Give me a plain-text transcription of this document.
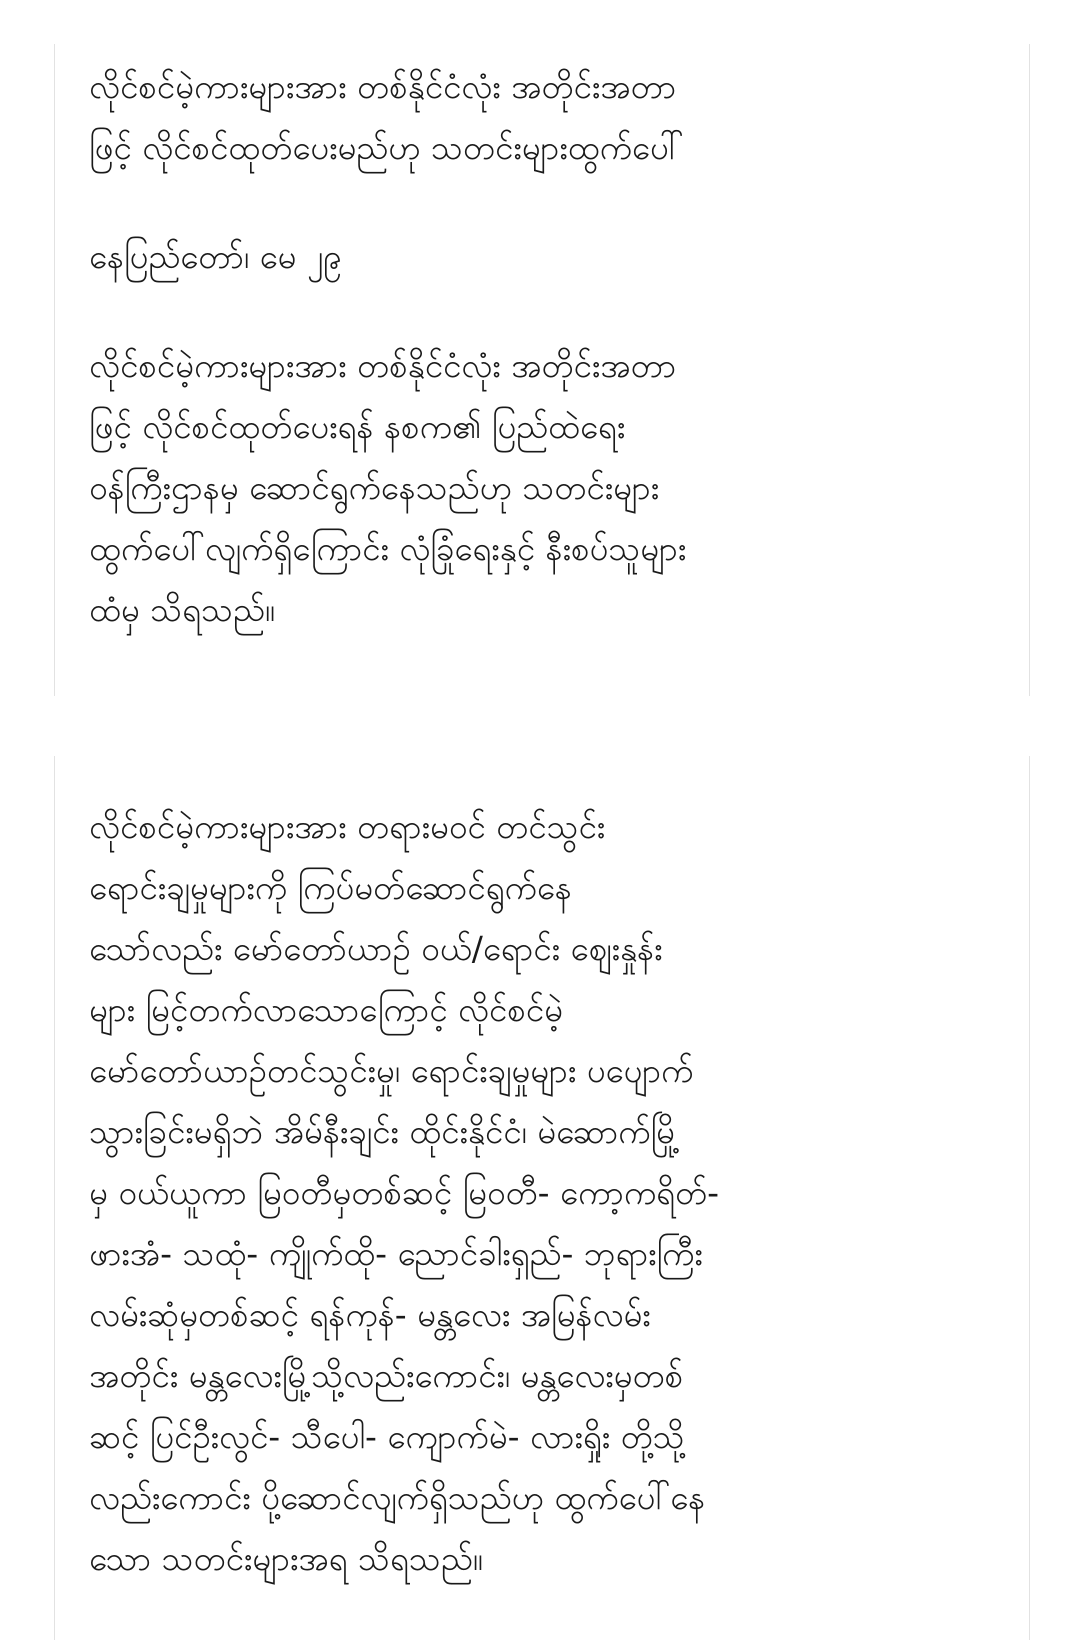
လိုင်စင်မဲ့ကားများအား တစ်နိုင်ငံလုံး အတိုင်းအတာ
ဖြင့် လိုင်စင်ထုတ်ပေးမည်ဟု သတင်းများထွက်ပေါ်

နေပြည်တော်၊ မေ ၂၉

လိုင်စင်မဲ့ကားများအား တစ်နိုင်ငံလုံး အတိုင်းအတာ
ဖြင့် လိုင်စင်ထုတ်ပေးရန် နစက၏ ပြည်ထဲရေး
ဝန်ကြီးဌာနမှ ဆောင်ရွက်နေသည်ဟု သတင်းများ
ထွက်ပေါ်လျက်ရှိကြောင်း လုံခြုံရေးနှင့် နီးစပ်သူများ
ထံမှ သိရသည်။

လိုင်စင်မဲ့ကားများအား တရားမဝင် တင်သွင်း
ရောင်းချမှုများကို ကြပ်မတ်ဆောင်ရွက်နေ
သော်လည်း မော်တော်ယာဉ် ဝယ်/ရောင်း ဈေးနှုန်း
များ မြင့်တက်လာသောကြောင့် လိုင်စင်မဲ့
မော်တော်ယာဉ်တင်သွင်းမှု၊ ရောင်းချမှုများ ပပျောက်
သွားခြင်းမရှိဘဲ အိမ်နီးချင်း ထိုင်းနိုင်ငံ၊ မဲဆောက်မြို့
မှ ဝယ်ယူကာ မြဝတီမှတစ်ဆင့် မြဝတီ- ကော့ကရိတ်-
ဖားအံ- သထုံ- ကျိုက်ထို- ညောင်ခါးရှည်- ဘုရားကြီး
လမ်းဆုံမှတစ်ဆင့် ရန်ကုန်- မန္တလေး အမြန်လမ်း
အတိုင်း မန္တလေးမြို့သို့လည်းကောင်း၊ မန္တလေးမှတစ်
ဆင့် ပြင်ဦးလွင်- သီပေါ- ကျောက်မဲ- လားရှိုး တို့သို့
လည်းကောင်း ပို့ဆောင်လျက်ရှိသည်ဟု ထွက်ပေါ်နေ
သော သတင်းများအရ သိရသည်။
